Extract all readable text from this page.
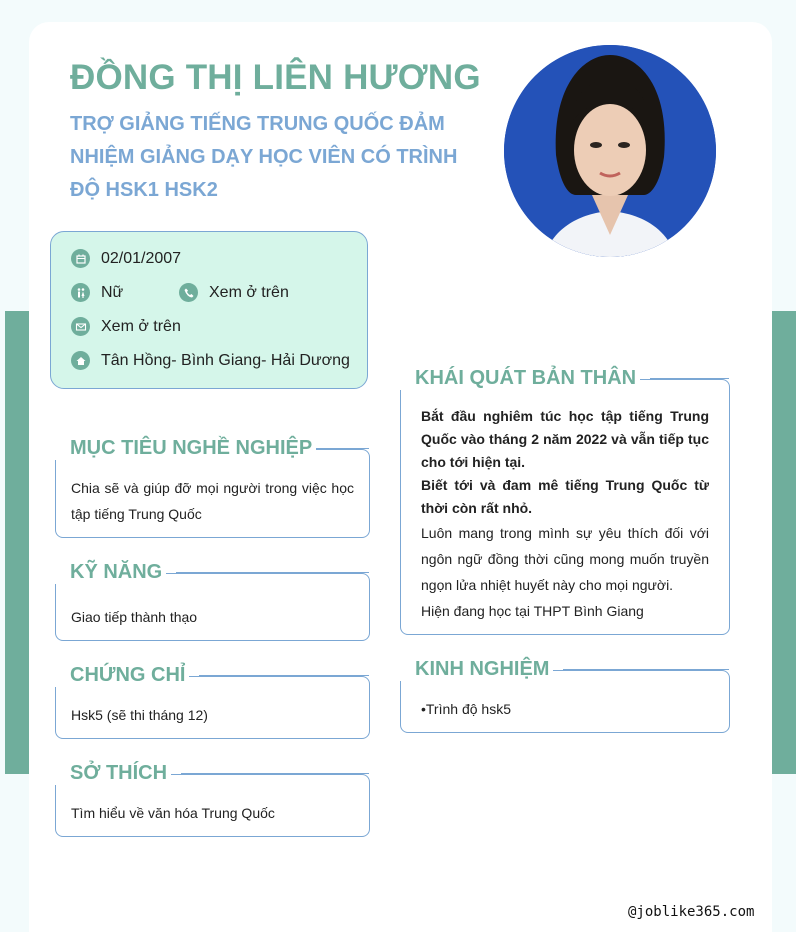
ĐỒNG THỊ LIÊN HƯƠNG

TRỢ GIẢNG TIẾNG TRUNG QUỐC ĐẢM NHIỆM GIẢNG DẠY HỌC VIÊN CÓ TRÌNH ĐỘ HSK1 HSK2

02/01/2007
Nữ	Xem ở trên
Xem ở trên
Tân Hồng- Bình Giang- Hải Dương
MỤC TIÊU NGHỀ NGHIỆP
Chia sẽ và giúp đỡ mọi người trong việc học tập tiếng Trung Quốc
KỸ NĂNG
Giao tiếp thành thạo
CHỨNG CHỈ
Hsk5 (sẽ thi tháng 12)
SỞ THÍCH
Tìm hiểu về văn hóa Trung Quốc
KHÁI QUÁT BẢN THÂN
Bắt đầu nghiêm túc học tập tiếng Trung Quốc vào tháng 2 năm 2022 và vẫn tiếp tục cho tới hiện tại.
Biết tới và đam mê tiếng Trung Quốc từ thời còn rất nhỏ.
Luôn mang trong mình sự yêu thích đối với ngôn ngữ đồng thời cũng mong muốn truyền ngọn lửa nhiệt huyết này cho mọi người.
Hiện đang học tại THPT Bình Giang
KINH NGHIỆM
•Trình độ hsk5
@joblike365.com
